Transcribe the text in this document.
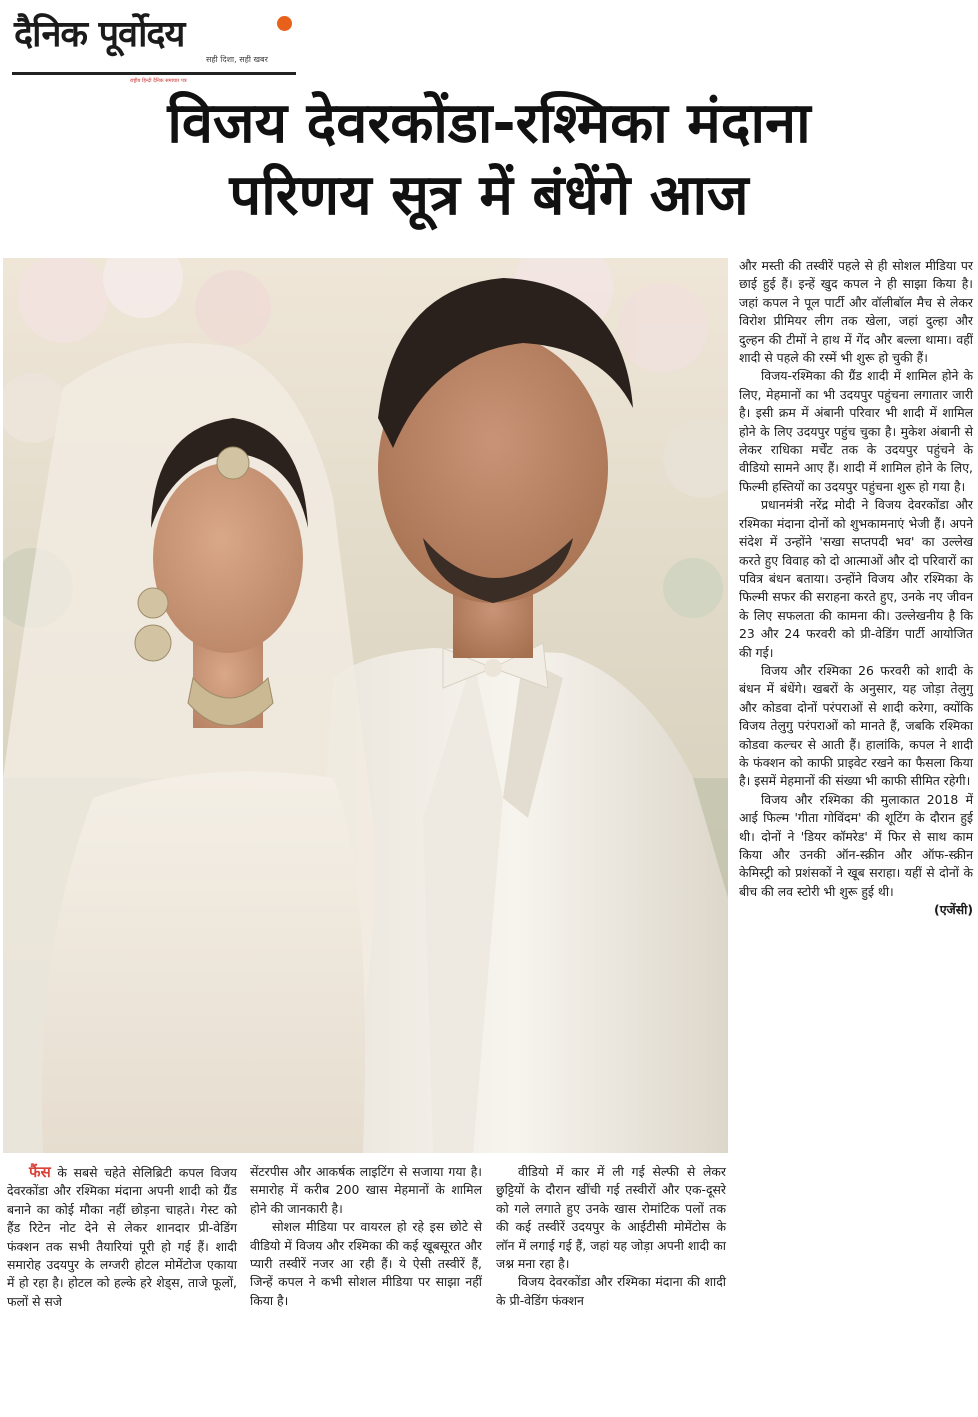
दैनिक पूर्वोदय
सही दिशा, सही खबर
राष्ट्रीय हिन्दी दैनिक समाचार पत्र
विजय देवरकोंडा-रश्मिका मंदाना
परिणय सूत्र में बंधेंगे आज

और मस्ती की तस्वीरें पहले से ही सोशल मीडिया पर छाई हुई हैं। इन्हें खुद कपल ने ही साझा किया है। जहां कपल ने पूल पार्टी और वॉलीबॉल मैच से लेकर विरोश प्रीमियर लीग तक खेला, जहां दुल्हा और दुल्हन की टीमों ने हाथ में गेंद और बल्ला थामा। वहीं शादी से पहले की रस्में भी शुरू हो चुकी हैं।

विजय-रश्मिका की ग्रैंड शादी में शामिल होने के लिए, मेहमानों का भी उदयपुर पहुंचना लगातार जारी है। इसी क्रम में अंबानी परिवार भी शादी में शामिल होने के लिए उदयपुर पहुंच चुका है। मुकेश अंबानी से लेकर राधिका मर्चेंट तक के उदयपुर पहुंचने के वीडियो सामने आए हैं। शादी में शामिल होने के लिए, फिल्मी हस्तियों का उदयपुर पहुंचना शुरू हो गया है।

प्रधानमंत्री नरेंद्र मोदी ने विजय देवरकोंडा और रश्मिका मंदाना दोनों को शुभकामनाएं भेजी हैं। अपने संदेश में उन्होंने 'सखा सप्तपदी भव' का उल्लेख करते हुए विवाह को दो आत्माओं और दो परिवारों का पवित्र बंधन बताया। उन्होंने विजय और रश्मिका के फिल्मी सफर की सराहना करते हुए, उनके नए जीवन के लिए सफलता की कामना की। उल्लेखनीय है कि 23 और 24 फरवरी को प्री-वेडिंग पार्टी आयोजित की गई।

विजय और रश्मिका 26 फरवरी को शादी के बंधन में बंधेंगे। खबरों के अनुसार, यह जोड़ा तेलुगु और कोडवा दोनों परंपराओं से शादी करेगा, क्योंकि विजय तेलुगु परंपराओं को मानते हैं, जबकि रश्मिका कोडवा कल्चर से आती हैं। हालांकि, कपल ने शादी के फंक्शन को काफी प्राइवेट रखने का फैसला किया है। इसमें मेहमानों की संख्या भी काफी सीमित रहेगी।

विजय और रश्मिका की मुलाकात 2018 में आई फिल्म 'गीता गोविंदम' की शूटिंग के दौरान हुई थी। दोनों ने 'डियर कॉमरेड' में फिर से साथ काम किया और उनकी ऑन-स्क्रीन और ऑफ-स्क्रीन केमिस्ट्री को प्रशंसकों ने खूब सराहा। यहीं से दोनों के बीच की लव स्टोरी भी शुरू हुई थी।

(एजेंसी)

फैंस के सबसे चहेते सेलिब्रिटी कपल विजय देवरकोंडा और रश्मिका मंदाना अपनी शादी को ग्रैंड बनाने का कोई मौका नहीं छोड़ना चाहते। गेस्ट को हैंड रिटेन नोट देने से लेकर शानदार प्री-वेडिंग फंक्शन तक सभी तैयारियां पूरी हो गई हैं। शादी समारोह उदयपुर के लग्जरी होटल मोमेंटोज एकाया में हो रहा है। होटल को हल्के हरे शेड्स, ताजे फूलों, फलों से सजे

सेंटरपीस और आकर्षक लाइटिंग से सजाया गया है। समारोह में करीब 200 खास मेहमानों के शामिल होने की जानकारी है।

सोशल मीडिया पर वायरल हो रहे इस छोटे से वीडियो में विजय और रश्मिका की कई खूबसूरत और प्यारी तस्वीरें नजर आ रही हैं। ये ऐसी तस्वीरें हैं, जिन्हें कपल ने कभी सोशल मीडिया पर साझा नहीं किया है।

वीडियो में कार में ली गई सेल्फी से लेकर छुट्टियों के दौरान खींची गई तस्वीरों और एक-दूसरे को गले लगाते हुए उनके खास रोमांटिक पलों तक की कई तस्वीरें उदयपुर के आईटीसी मोमेंटोस के लॉन में लगाई गई हैं, जहां यह जोड़ा अपनी शादी का जश्न मना रहा है।

विजय देवरकोंडा और रश्मिका मंदाना की शादी के प्री-वेडिंग फंक्शन
